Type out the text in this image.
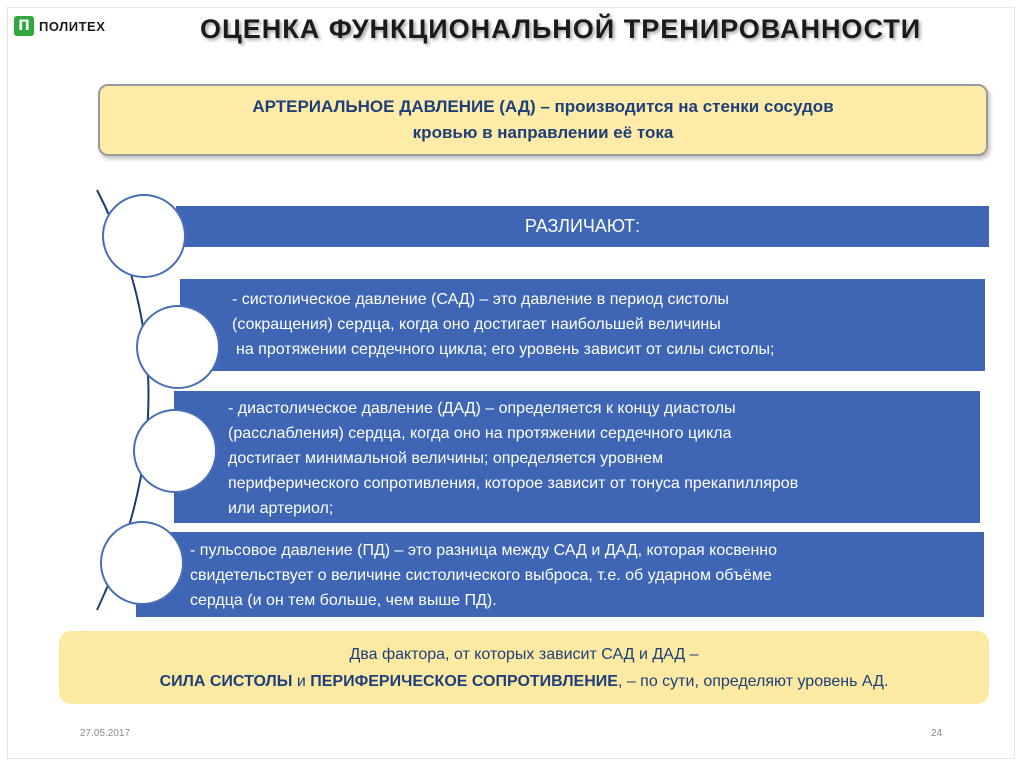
П ПОЛИТЕХ	ОЦЕНКА ФУНКЦИОНАЛЬНОЙ ТРЕНИРОВАННОСТИ
АРТЕРИАЛЬНОЕ ДАВЛЕНИЕ (АД) – производится на стенки сосудов
кровью в направлении её тока
РАЗЛИЧАЮТ:

- систолическое давление (САД) – это давление в период систолы

(сокращения) сердца, когда оно достигает наибольшей величины

на протяжении сердечного цикла; его уровень зависит от силы систолы;

- диастолическое давление (ДАД) – определяется к концу диастолы

(расслабления) сердца, когда оно на протяжении сердечного цикла

достигает минимальной величины; определяется уровнем

периферического сопротивления, которое зависит от тонуса прекапилляров

или артериол;

- пульсовое давление (ПД) – это разница между САД и ДАД, которая косвенно

свидетельствует о величине систолического выброса, т.е. об ударном объёме

сердца (и он тем больше, чем выше ПД).

Два фактора, от которых зависит САД и ДАД –
СИЛА СИСТОЛЫ и ПЕРИФЕРИЧЕСКОЕ СОПРОТИВЛЕНИЕ, – по сути, определяют уровень АД.
27.05.2017	24
